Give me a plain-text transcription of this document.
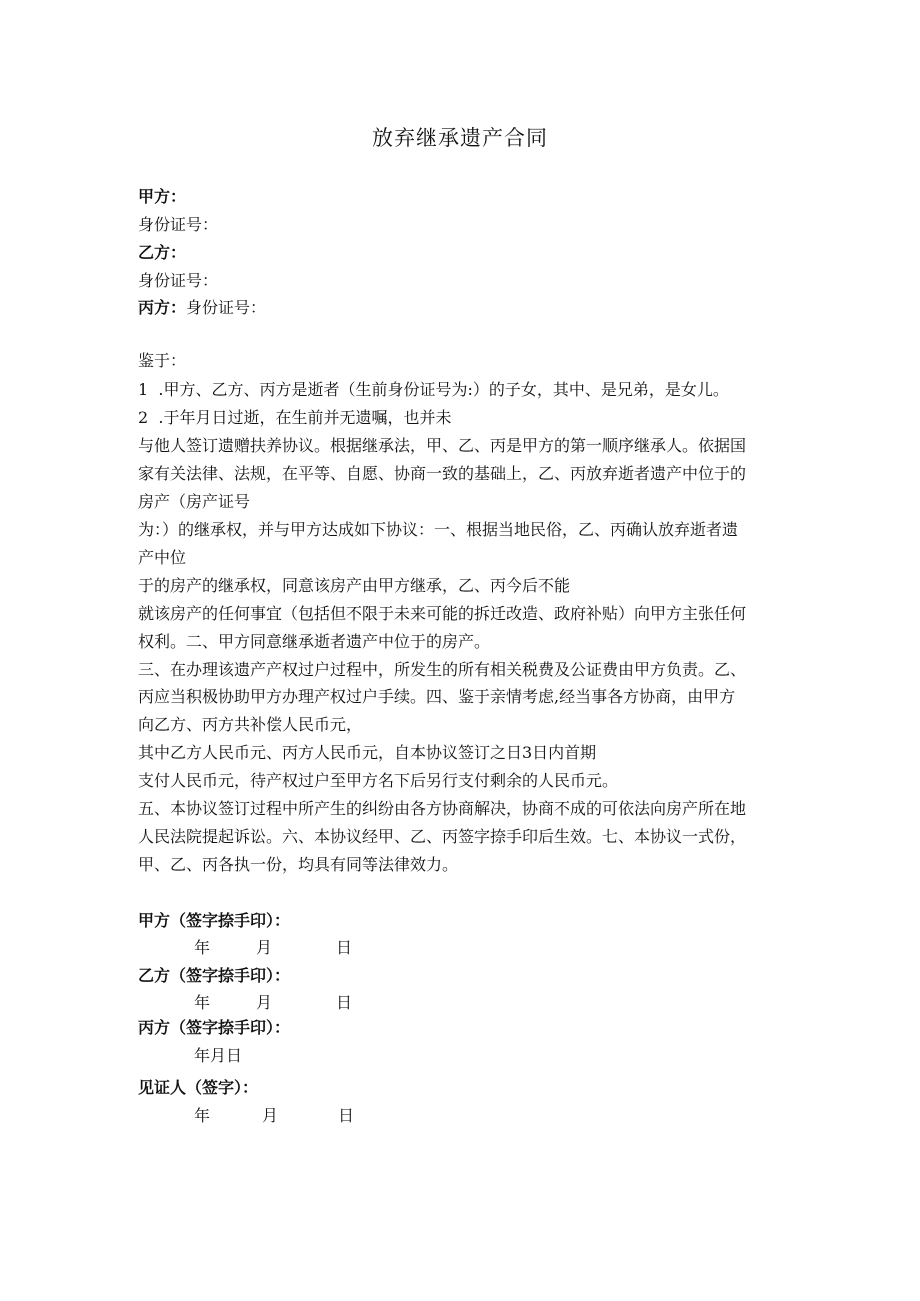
放弃继承遗产合同
甲方：
身份证号：
乙方：
身份证号：
丙方：身份证号：
鉴于：
1  .甲方、乙方、丙方是逝者（生前身份证号为:）的子女，其中、是兄弟，是女儿。
2  .于年月日过逝，在生前并无遗嘱，也并未
与他人签订遗赠扶养协议。根据继承法，甲、乙、丙是甲方的第一顺序继承人。依据国
家有关法律、法规，在平等、自愿、协商一致的基础上，乙、丙放弃逝者遗产中位于的
房产（房产证号
为：）的继承权，并与甲方达成如下协议：一、根据当地民俗，乙、丙确认放弃逝者遗
产中位
于的房产的继承权，同意该房产由甲方继承，乙、丙今后不能
就该房产的任何事宜（包括但不限于未来可能的拆迁改造、政府补贴）向甲方主张任何
权利。二、甲方同意继承逝者遗产中位于的房产。
三、在办理该遗产产权过户过程中，所发生的所有相关税费及公证费由甲方负责。乙、
丙应当积极协助甲方办理产权过户手续。四、鉴于亲情考虑,经当事各方协商，由甲方
向乙方、丙方共补偿人民币元，
其中乙方人民币元、丙方人民币元，自本协议签订之日3日内首期
支付人民币元，待产权过户至甲方名下后另行支付剩余的人民币元。
五、本协议签订过程中所产生的纠纷由各方协商解决，协商不成的可依法向房产所在地
人民法院提起诉讼。六、本协议经甲、乙、丙签字捺手印后生效。七、本协议一式份，
甲、乙、丙各执一份，均具有同等法律效力。
甲方（签字捺手印）：
年	月	日
乙方（签字捺手印）：
年	月	日
丙方（签字捺手印）：
年月日
见证人（签字）：
年	月	日
